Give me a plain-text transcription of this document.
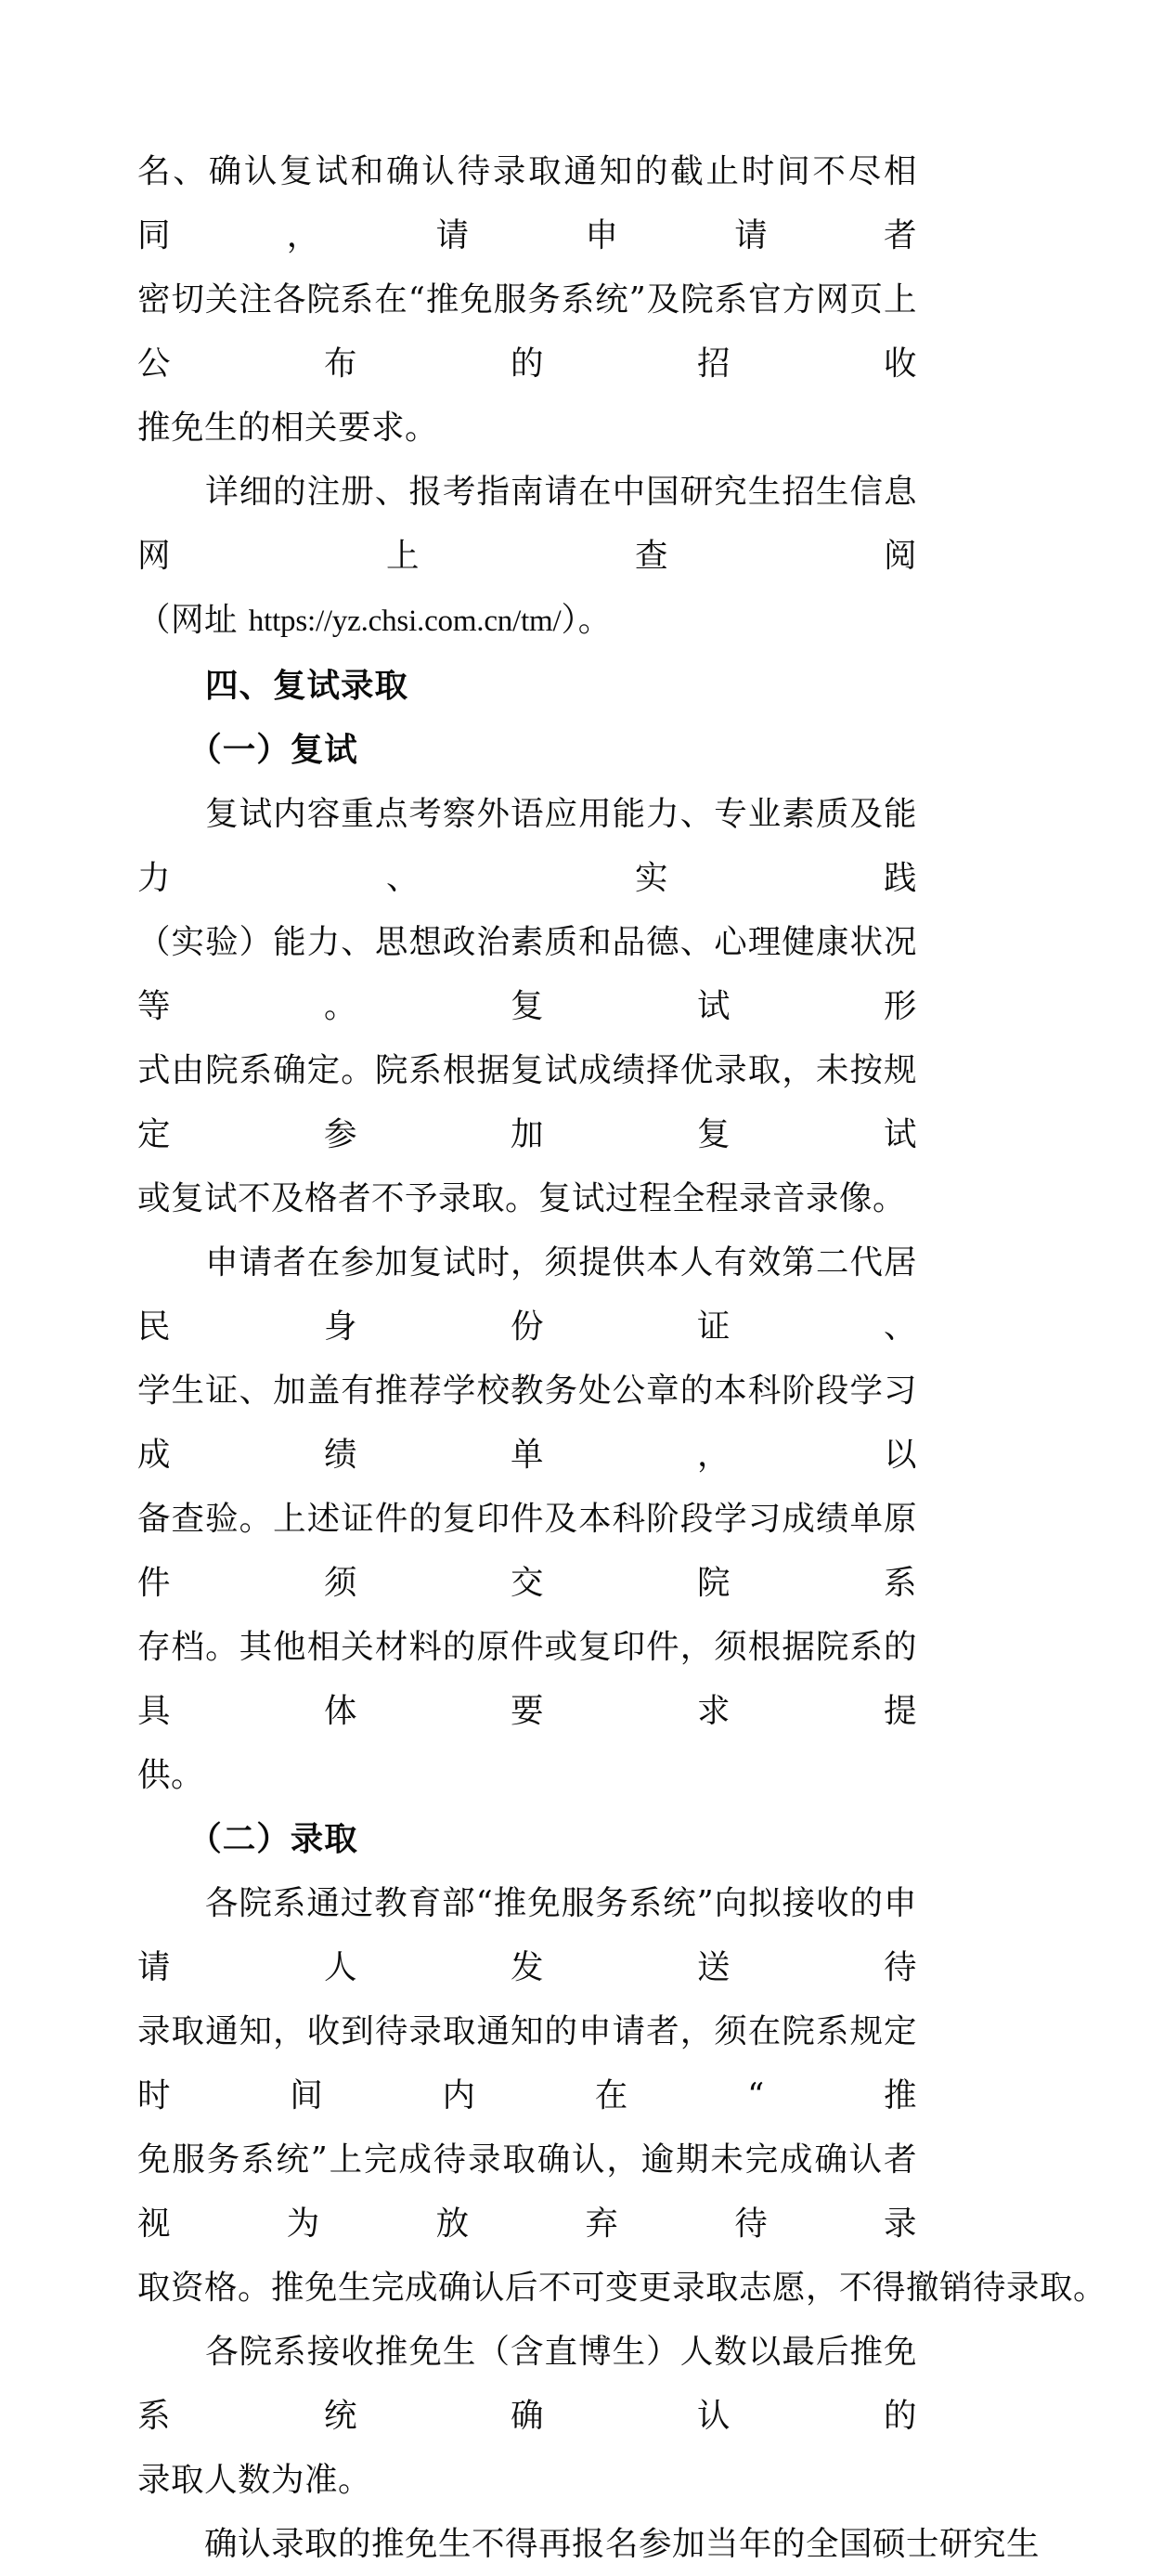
名、确认复试和确认待录取通知的截止时间不尽相同，请申请者
密切关注各院系在“推免服务系统”及院系官方网页上公布的招收
推免生的相关要求。
　　详细的注册、报考指南请在中国研究生招生信息网上查阅
（网址 https://yz.chsi.com.cn/tm/）。
　　四、复试录取
　　（一）复试
　　复试内容重点考察外语应用能力、专业素质及能力、实践
（实验）能力、思想政治素质和品德、心理健康状况等。复试形
式由院系确定。院系根据复试成绩择优录取，未按规定参加复试
或复试不及格者不予录取。复试过程全程录音录像。
　　申请者在参加复试时，须提供本人有效第二代居民身份证、
学生证、加盖有推荐学校教务处公章的本科阶段学习成绩单，以
备查验。上述证件的复印件及本科阶段学习成绩单原件须交院系
存档。其他相关材料的原件或复印件，须根据院系的具体要求提
供。
　　（二）录取
　　各院系通过教育部“推免服务系统”向拟接收的申请人发送待
录取通知，收到待录取通知的申请者，须在院系规定时间内在“推
免服务系统”上完成待录取确认，逾期未完成确认者视为放弃待录
取资格。推免生完成确认后不可变更录取志愿，不得撤销待录取。
　　各院系接收推免生（含直博生）人数以最后推免系统确认的
录取人数为准。
　　确认录取的推免生不得再报名参加当年的全国硕士研究生
